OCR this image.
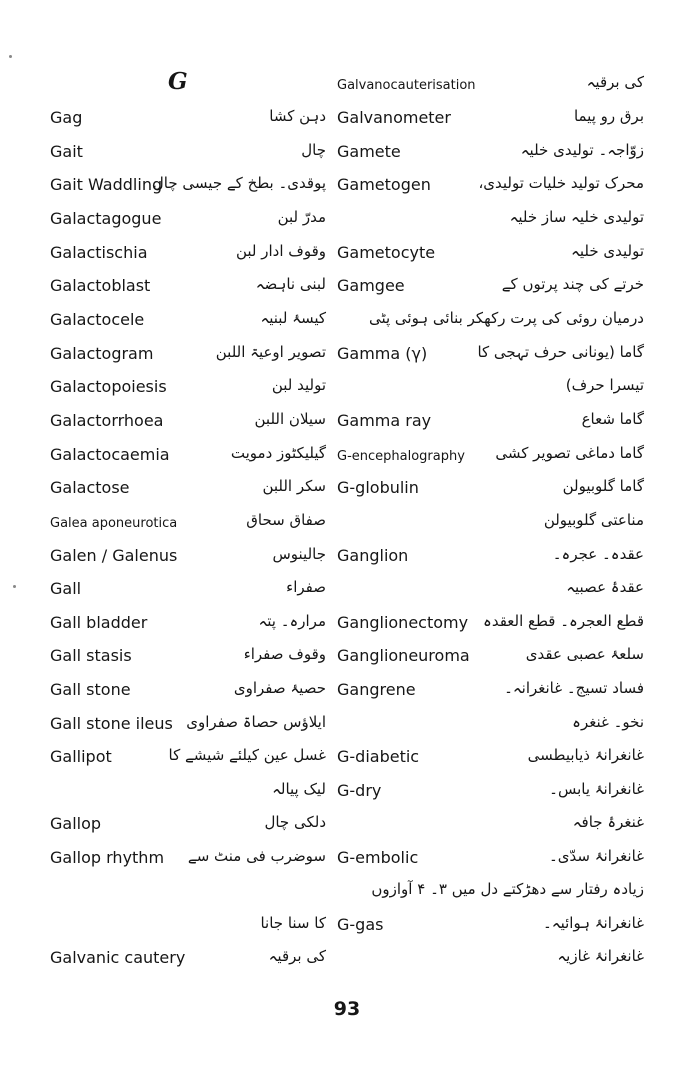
G
Gag
Gait
Gait Waddling
Galactagogue
Galactischia
Galactoblast
Galactocele
Galactogram
Galactopoiesis
Galactorrhoea
Galactocaemia
Galactose
Galea aponeurotica
Galen / Galenus
Gall
Gall bladder
Gall stasis
Gall stone
Gall stone ileus
Gallipot
Gallop
Gallop rhythm
Galvanic cautery
دہن کشا
چال
پوقدی۔ بطخ کے جیسی چال
مدرّ لبن
وقوف ادار لبن
لبنی ناہضہ
کیسۂ لبنیہ
تصویر اوعیۃ اللبن
تولید لبن
سیلان اللبن
گیلیکٹوز دمویت
سکر اللبن
صفاق سحاق
جالینوس
صفراء
مرارہ۔ پتہ
وقوف صفراء
حصیۂ صفراوی
ایلاؤس حصاۃ صفراوی
غسل عین کیلئے شیشے کا
لیک پیالہ
دلکی چال
سوضرب فی منٹ سے
زیادہ رفتار سے دھڑکتے دل میں ۳۔ ۴ آوازوں
کا سنا جانا
کی برقیہ
Galvanocauterisation
Galvanometer
Gamete
Gametogen
Gametocyte
Gamgee
Gamma (γ)
Gamma ray
G-encephalography
G-globulin
Ganglion
Ganglionectomy
Ganglioneuroma
Gangrene
G-diabetic
G-dry
G-embolic
G-gas
کی برقیہ
برق رو پیما
زوّاجہ۔ تولیدی خلیہ
محرک تولید خلیات تولیدی،
تولیدی خلیہ ساز خلیہ
تولیدی خلیہ
خرتے کی چند پرتوں کے
درمیان روئی کی پرت رکھکر بنائی ہوئی پٹی
گاما (یونانی حرف تہجی کا
تیسرا حرف)
گاما شعاع
گاما دماغی تصویر کشی
گاما گلوبیولن
مناعتی گلوبیولن
عقدہ۔ عجرہ۔
عقدۂ عصبیہ
قطع العجرہ۔ قطع العقدہ
سلعۂ عصبی عقدی
فساد تسیج۔ غانغرانہ۔
نخو۔ غنغرہ
غانغرانۂ ذیابیطسی
غانغرانۂ یابس۔
غنغرۂ جافہ
غانغرانۂ سدّی۔
غانغرانۂ ہوائیہ۔
غانغرانۂ غازیہ
93
